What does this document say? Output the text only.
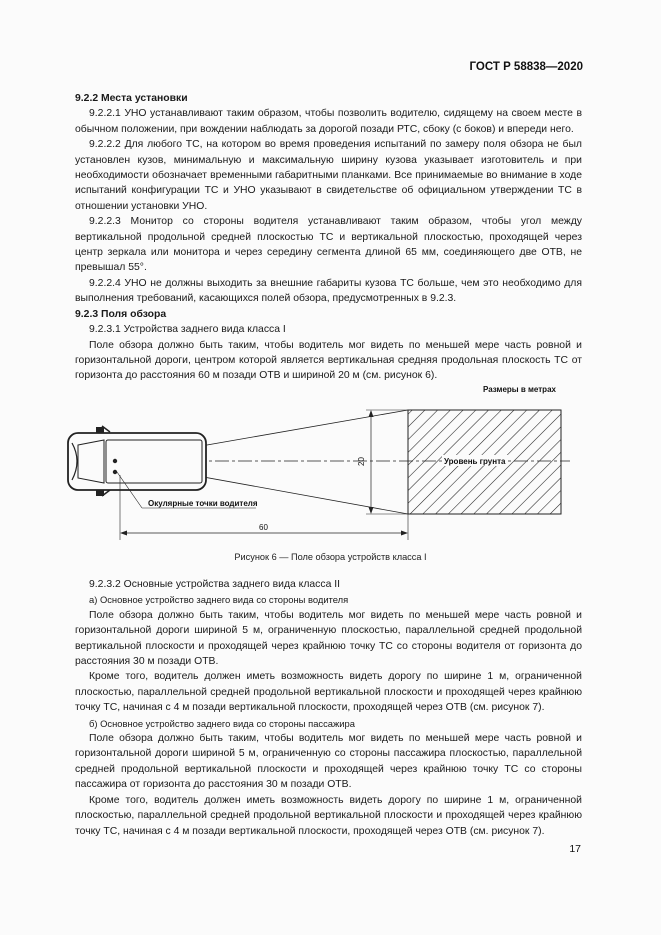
ГОСТ Р 58838—2020

9.2.2 Места установки

9.2.2.1 УНО устанавливают таким образом, чтобы позволить водителю, сидящему на своем месте в обычном положении, при вождении наблюдать за дорогой позади РТС, сбоку (с боков) и впереди него.

9.2.2.2 Для любого ТС, на котором во время проведения испытаний по замеру поля обзора не был установлен кузов, минимальную и максимальную ширину кузова указывает изготовитель и при необходимости обозначает временными габаритными планками. Все принимаемые во внимание в ходе испытаний конфигурации ТС и УНО указывают в свидетельстве об официальном утверждении ТС в отношении установки УНО.

9.2.2.3 Монитор со стороны водителя устанавливают таким образом, чтобы угол между вертикальной продольной средней плоскостью ТС и вертикальной плоскостью, проходящей через центр зеркала или монитора и через середину сегмента длиной 65 мм, соединяющего две ОТВ, не превышал 55°.

9.2.2.4 УНО не должны выходить за внешние габариты кузова ТС больше, чем это необходимо для выполнения требований, касающихся полей обзора, предусмотренных в 9.2.3.

9.2.3 Поля обзора

9.2.3.1 Устройства заднего вида класса I

Поле обзора должно быть таким, чтобы водитель мог видеть по меньшей мере часть ровной и горизонтальной дороги, центром которой является вертикальная средняя продольная плоскость ТС от горизонта до расстояния 60 м позади ОТВ и шириной 20 м (см. рисунок 6).

Размеры в метрах
20	Уровень грунта
Окулярные точки водителя
60
Рисунок 6 — Поле обзора устройств класса I

9.2.3.2 Основные устройства заднего вида класса II

а) Основное устройство заднего вида со стороны водителя

Поле обзора должно быть таким, чтобы водитель мог видеть по меньшей мере часть ровной и горизонтальной дороги шириной 5 м, ограниченную плоскостью, параллельной средней продольной вертикальной плоскости и проходящей через крайнюю точку ТС со стороны водителя от горизонта до расстояния 30 м позади ОТВ.

Кроме того, водитель должен иметь возможность видеть дорогу по ширине 1 м, ограниченной плоскостью, параллельной средней продольной вертикальной плоскости и проходящей через крайнюю точку ТС, начиная с 4 м позади вертикальной плоскости, проходящей через ОТВ (см. рисунок 7).

б) Основное устройство заднего вида со стороны пассажира

Поле обзора должно быть таким, чтобы водитель мог видеть по меньшей мере часть ровной и горизонтальной дороги шириной 5 м, ограниченную со стороны пассажира плоскостью, параллельной средней продольной вертикальной плоскости и проходящей через крайнюю точку ТС со стороны пассажира от горизонта до расстояния 30 м позади ОТВ.

Кроме того, водитель должен иметь возможность видеть дорогу по ширине 1 м, ограниченной плоскостью, параллельной средней продольной вертикальной плоскости и проходящей через крайнюю точку ТС, начиная с 4 м позади вертикальной плоскости, проходящей через ОТВ (см. рисунок 7).

17
